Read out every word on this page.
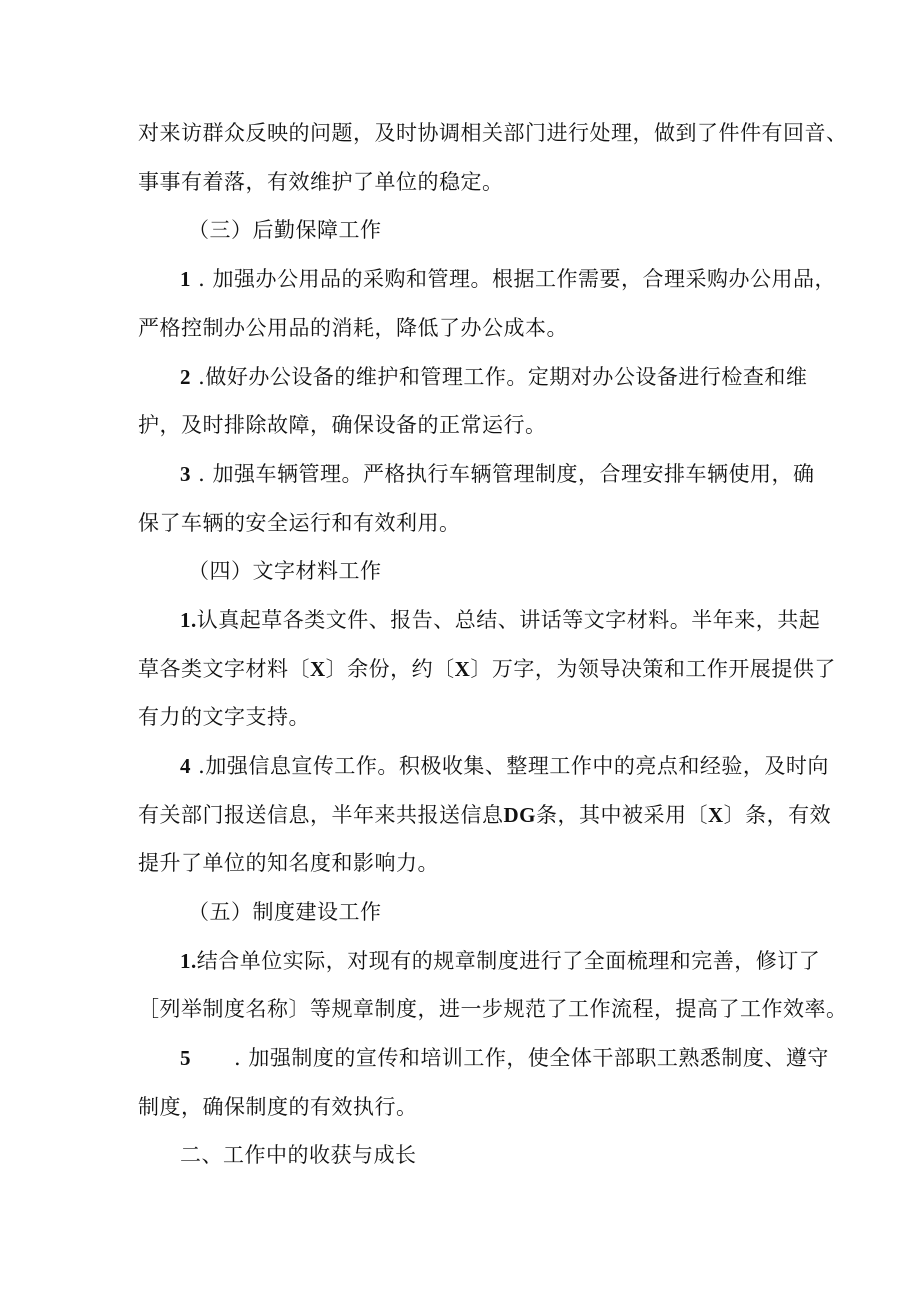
对来访群众反映的问题，及时协调相关部门进行处理，做到了件件有回音、
事事有着落，有效维护了单位的稳定。
（三）后勤保障工作
1 . 加强办公用品的采购和管理。根据工作需要，合理采购办公用品，
严格控制办公用品的消耗，降低了办公成本。
2 .做好办公设备的维护和管理工作。定期对办公设备进行检查和维
护，及时排除故障，确保设备的正常运行。
3 . 加强车辆管理。严格执行车辆管理制度，合理安排车辆使用，确
保了车辆的安全运行和有效利用。
（四）文字材料工作
1.认真起草各类文件、报告、总结、讲话等文字材料。半年来，共起
草各类文字材料〔X〕余份，约〔X〕万字，为领导决策和工作开展提供了
有力的文字支持。
4 .加强信息宣传工作。积极收集、整理工作中的亮点和经验，及时向
有关部门报送信息，半年来共报送信息DG条，其中被采用〔X〕条，有效
提升了单位的知名度和影响力。
（五）制度建设工作
1.结合单位实际，对现有的规章制度进行了全面梳理和完善，修订了
［列举制度名称〕等规章制度，进一步规范了工作流程，提高了工作效率。
5　　. 加强制度的宣传和培训工作，使全体干部职工熟悉制度、遵守
制度，确保制度的有效执行。
二、工作中的收获与成长
